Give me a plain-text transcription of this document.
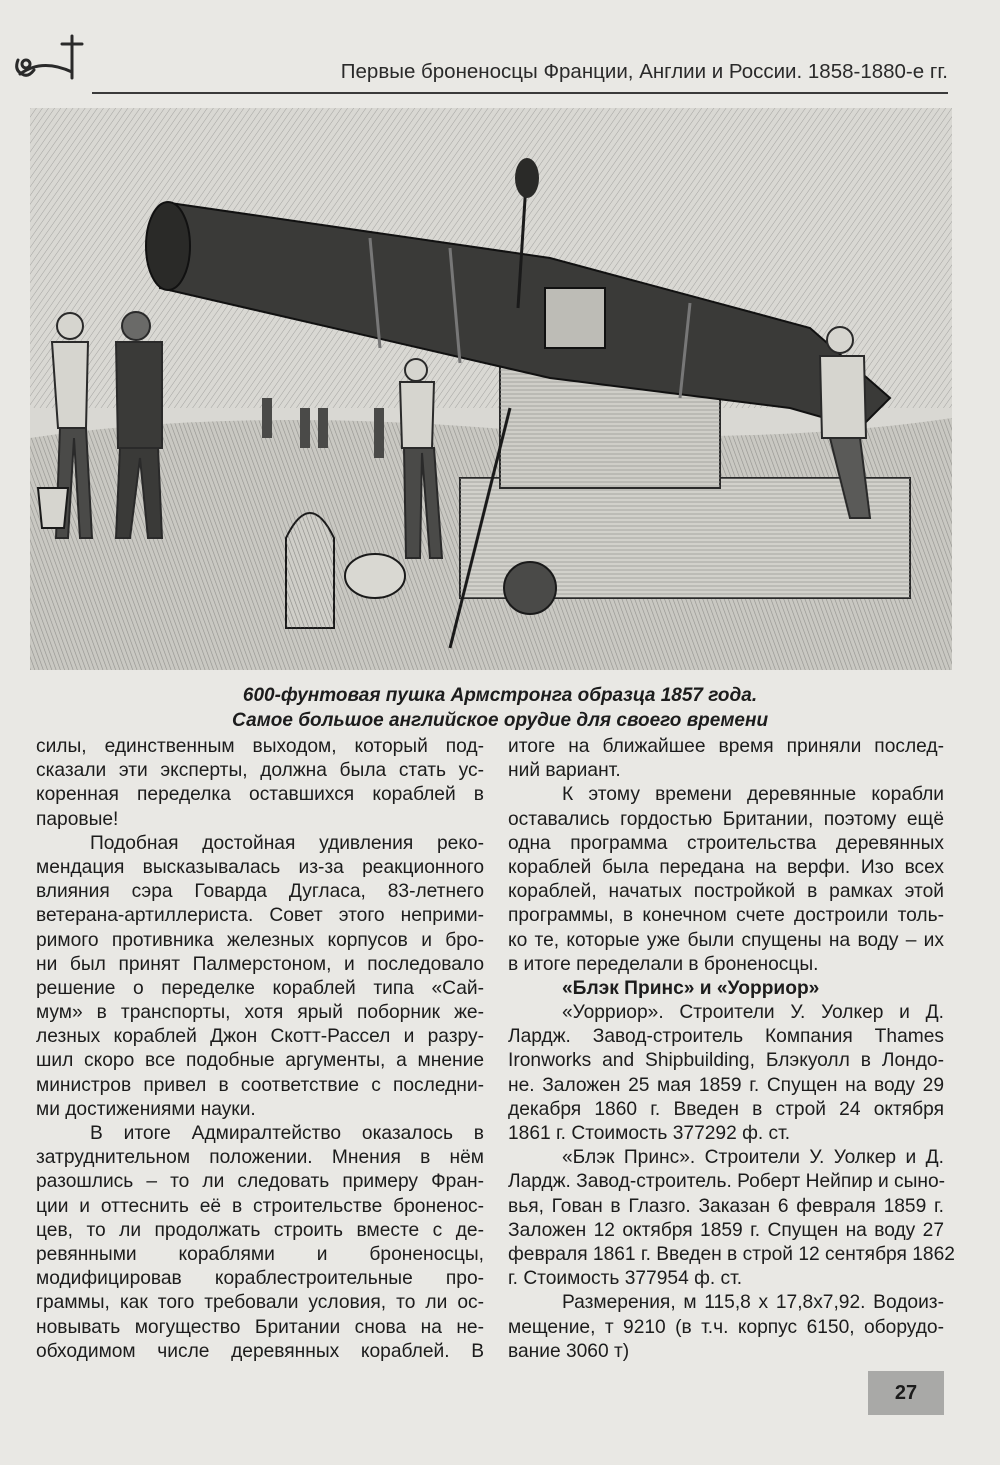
Первые броненосцы Франции, Англии и России. 1858-1880-е гг.
600-фунтовая пушка Армстронга образца 1857 года.
Самое большое английское орудие для своего времени
силы, единственным выходом, который под-
сказали эти эксперты, должна была стать ус-
коренная переделка оставшихся кораблей в
паровые!
Подобная достойная удивления реко-
мендация высказывалась из-за реакционного
влияния сэра Говарда Дугласа, 83-летнего
ветерана-артиллериста. Совет этого неприми-
римого противника железных корпусов и бро-
ни был принят Палмерстоном, и последовало
решение о переделке кораблей типа «Сай-
мум» в транспорты, хотя ярый поборник же-
лезных кораблей Джон Скотт-Рассел и разру-
шил скоро все подобные аргументы, а мнение
министров привел в соответствие с последни-
ми достижениями науки.
В итоге Адмиралтейство оказалось в
затруднительном положении. Мнения в нём
разошлись – то ли следовать примеру Фран-
ции и оттеснить её в строительстве броненос-
цев, то ли продолжать строить вместе с де-
ревянными кораблями и броненосцы,
модифицировав кораблестроительные про-
граммы, как того требовали условия, то ли ос-
новывать могущество Британии снова на не-
обходимом числе деревянных кораблей. В
итоге на ближайшее время приняли послед-
ний вариант.
К этому времени деревянные корабли
оставались гордостью Британии, поэтому ещё
одна программа строительства деревянных
кораблей была передана на верфи. Изо всех
кораблей, начатых постройкой в рамках этой
программы, в конечном счете достроили толь-
ко те, которые уже были спущены на воду – их
в итоге переделали в броненосцы.
«Блэк Принс» и «Уорриор»
«Уорриор». Строители У. Уолкер и Д.
Лардж. Завод-строитель Компания Thames
Ironworks and Shipbuilding, Блэкуолл в Лондо-
не. Заложен 25 мая 1859 г. Спущен на воду 29
декабря 1860 г. Введен в строй 24 октября
1861 г. Стоимость 377292 ф. ст.
«Блэк Принс». Строители У. Уолкер и Д.
Лардж. Завод-строитель. Роберт Нейпир и сыно-
вья, Гован в Глазго. Заказан 6 февраля 1859 г.
Заложен 12 октября 1859 г. Спущен на воду 27
февраля 1861 г. Введен в строй 12 сентября 1862
г. Стоимость 377954 ф. ст.
Размерения, м 115,8 x 17,8x7,92. Водоиз-
мещение, т 9210 (в т.ч. корпус 6150, оборудо-
вание 3060 т)
27
